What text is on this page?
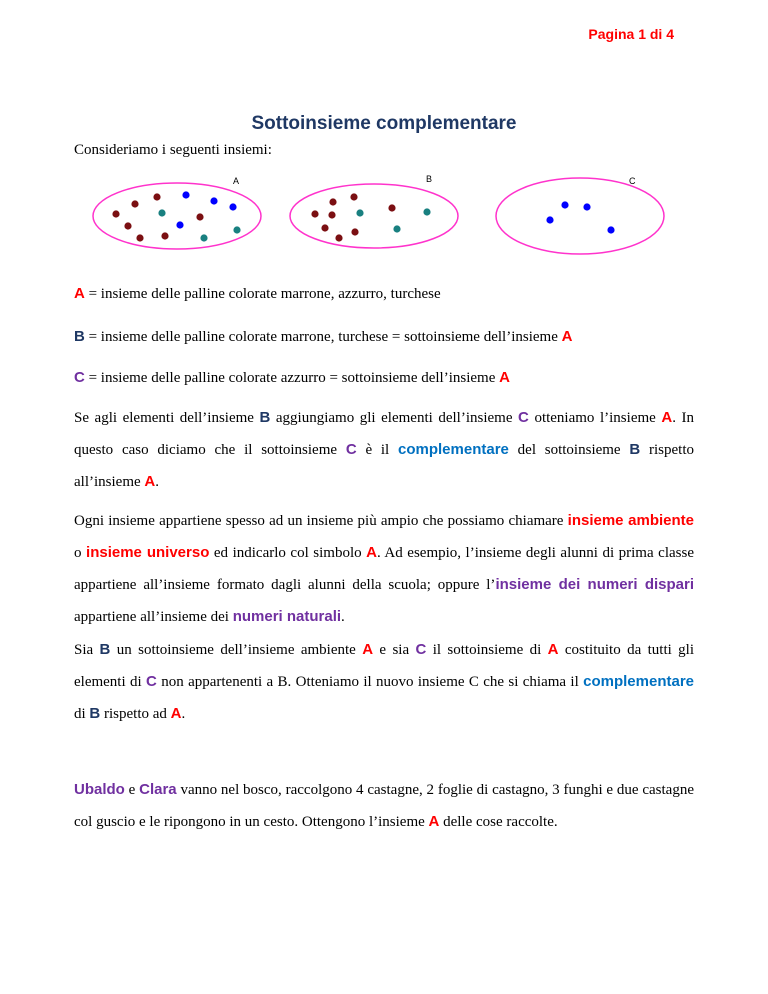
Pagina 1 di 4
Sottoinsieme complementare
Consideriamo i seguenti insiemi:
A	B	C
A = insieme delle palline colorate marrone, azzurro, turchese
B = insieme delle palline colorate marrone, turchese = sottoinsieme dell’insieme A
C = insieme delle palline colorate azzurro = sottoinsieme dell’insieme A
Se agli elementi dell’insieme B aggiungiamo gli elementi dell’insieme C otteniamo l’insieme A. In questo caso diciamo che il sottoinsieme C è il complementare del sottoinsieme B rispetto all’insieme A.
Ogni insieme appartiene spesso ad un insieme più ampio che possiamo chiamare insieme ambiente o insieme universo ed indicarlo col simbolo A. Ad esempio, l’insieme degli alunni di prima classe appartiene all’insieme formato dagli alunni della scuola; oppure l’insieme dei numeri dispari appartiene all’insieme dei numeri naturali.
Sia B un sottoinsieme dell’insieme ambiente A e sia C il sottoinsieme di A costituito da tutti gli elementi di C non appartenenti a B. Otteniamo il nuovo insieme C che si chiama il complementare di B rispetto ad A.
Ubaldo e Clara vanno nel bosco, raccolgono 4 castagne, 2 foglie di castagno, 3 funghi e due castagne col guscio e le ripongono in un cesto. Ottengono l’insieme A delle cose raccolte.
